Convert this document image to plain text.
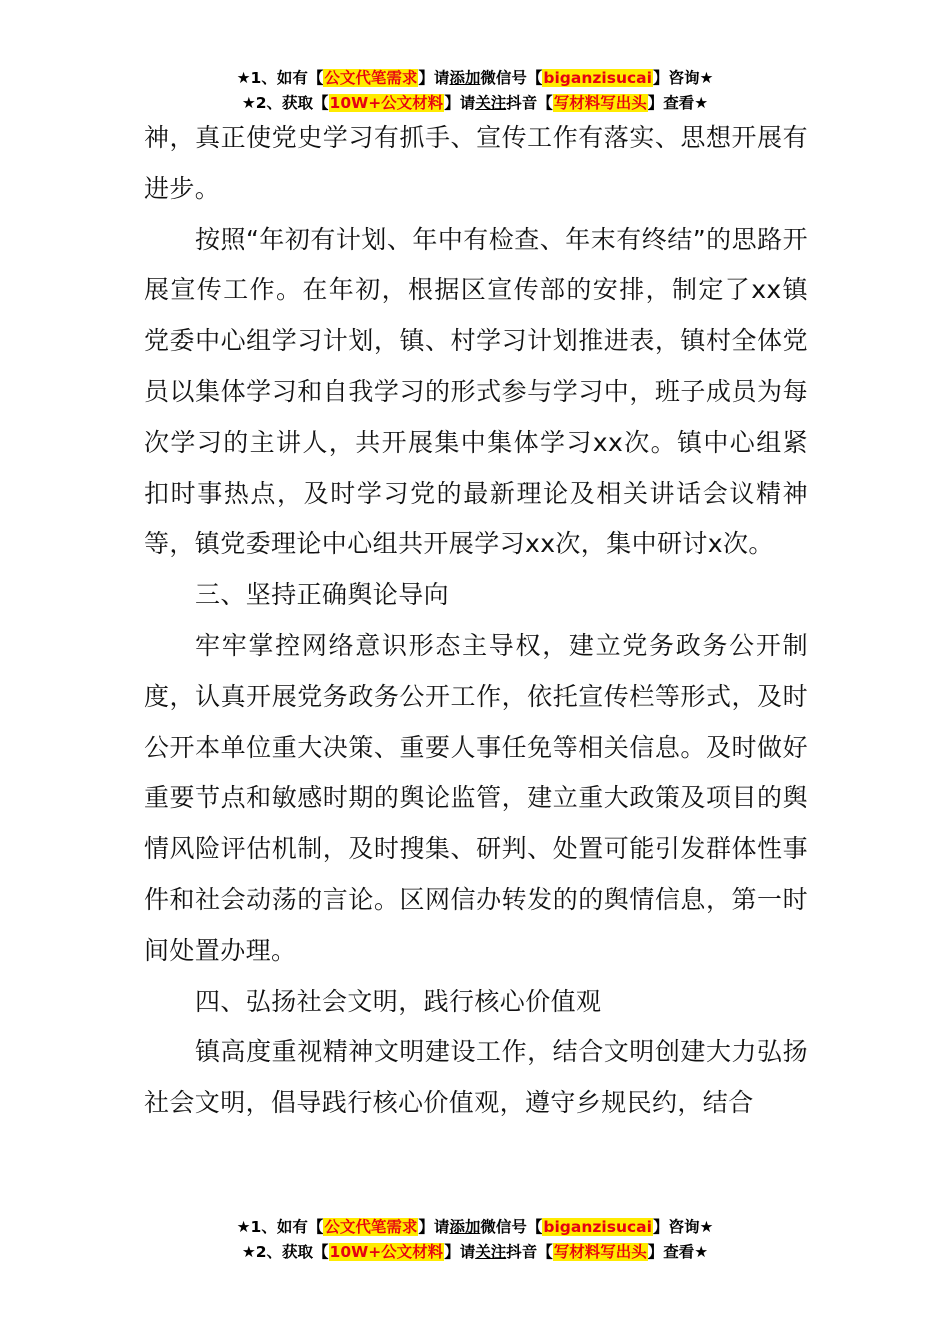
★1、如有【公文代笔需求】请添加微信号【biganzisucai】咨询★
★2、获取【10W+公文材料】请关注抖音【写材料写出头】查看★

神，真正使党史学习有抓手、宣传工作有落实、思想开展有进步。

按照“年初有计划、年中有检查、年末有终结”的思路开展宣传工作。在年初，根据区宣传部的安排，制定了xx镇党委中心组学习计划，镇、村学习计划推进表，镇村全体党员以集体学习和自我学习的形式参与学习中，班子成员为每次学习的主讲人，共开展集中集体学习xx次。镇中心组紧扣时事热点，及时学习党的最新理论及相关讲话会议精神等，镇党委理论中心组共开展学习xx次，集中研讨x次。

三、坚持正确舆论导向

牢牢掌控网络意识形态主导权，建立党务政务公开制度，认真开展党务政务公开工作，依托宣传栏等形式，及时公开本单位重大决策、重要人事任免等相关信息。及时做好重要节点和敏感时期的舆论监管，建立重大政策及项目的舆情风险评估机制，及时搜集、研判、处置可能引发群体性事件和社会动荡的言论。区网信办转发的的舆情信息，第一时间处置办理。

四、弘扬社会文明，践行核心价值观

镇高度重视精神文明建设工作，结合文明创建大力弘扬社会文明，倡导践行核心价值观，遵守乡规民约，结合

★1、如有【公文代笔需求】请添加微信号【biganzisucai】咨询★
★2、获取【10W+公文材料】请关注抖音【写材料写出头】查看★
